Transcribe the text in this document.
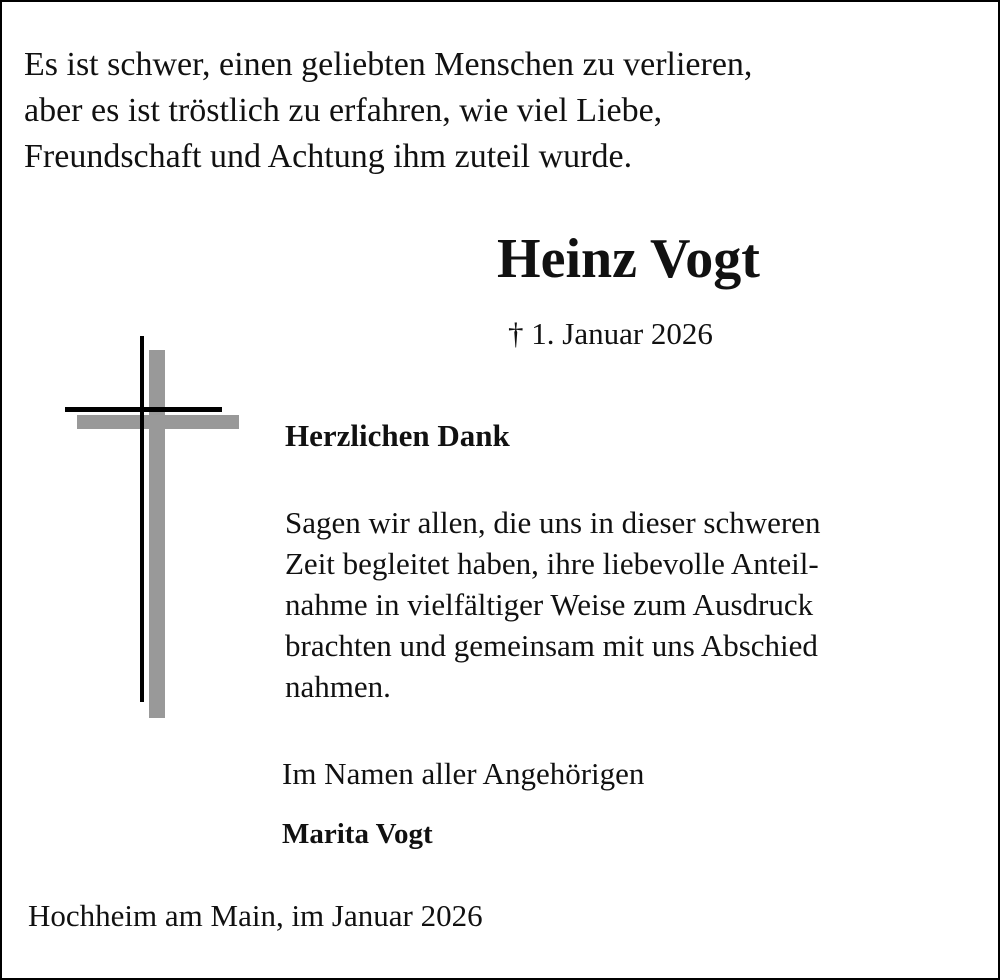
Es ist schwer, einen geliebten Menschen zu verlieren,

aber es ist tröstlich zu erfahren, wie viel Liebe,

Freundschaft und Achtung ihm zuteil wurde.

Heinz Vogt

† 1. Januar 2026

Herzlichen Dank

Sagen wir allen, die uns in dieser schweren

Zeit begleitet haben, ihre liebevolle Anteil-

nahme in vielfältiger Weise zum Ausdruck

brachten und gemeinsam mit uns Abschied

nahmen.

Im Namen aller Angehörigen

Marita Vogt

Hochheim am Main, im Januar 2026
